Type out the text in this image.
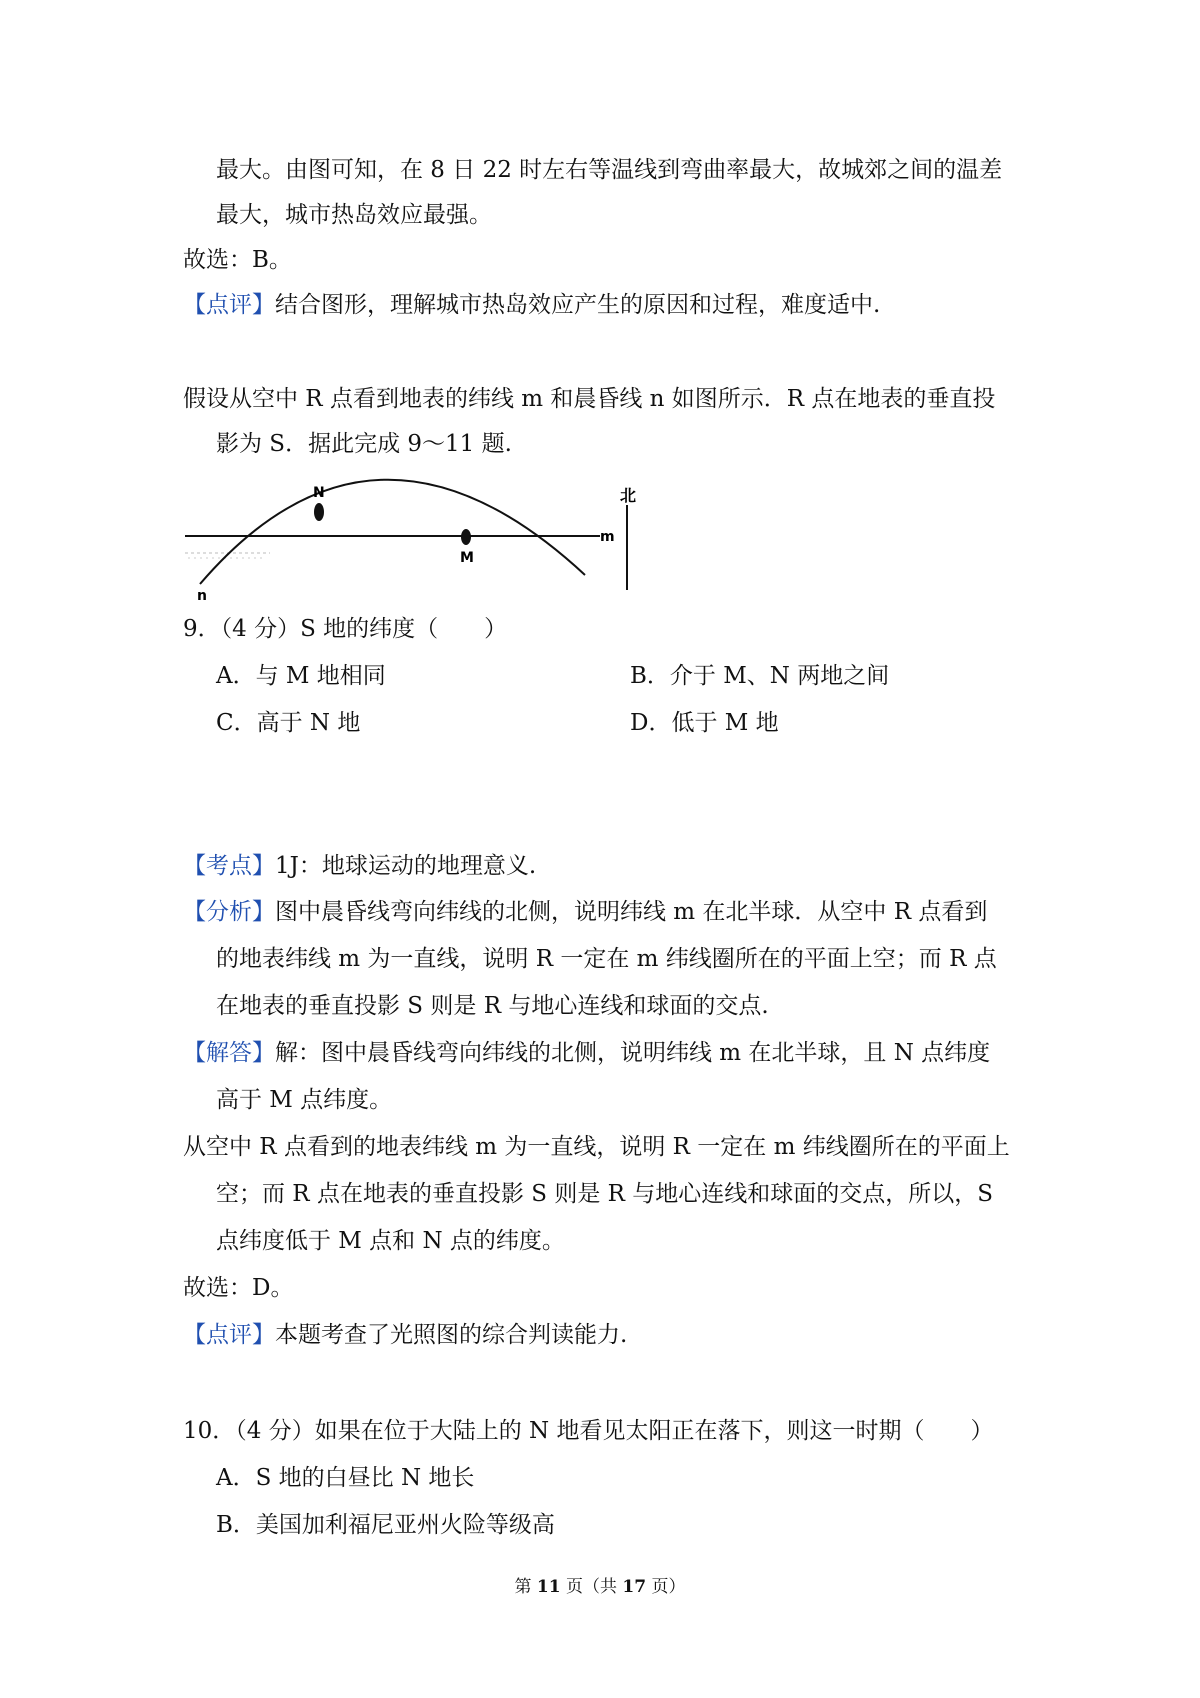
最大。由图可知，在 8 日 22 时左右等温线到弯曲率最大，故城郊之间的温差
最大，城市热岛效应最强。
故选：B。
【点评】结合图形，理解城市热岛效应产生的原因和过程，难度适中.
假设从空中 R 点看到地表的纬线 m 和晨昏线 n 如图所示．R 点在地表的垂直投
影为 S．据此完成 9～11 题.
N
M
m
n
北
9．（4 分）S 地的纬度（　　）
A．与 M 地相同	B．介于 M、N 两地之间
C．高于 N 地	D．低于 M 地
【考点】1J：地球运动的地理意义.
【分析】图中晨昏线弯向纬线的北侧，说明纬线 m 在北半球．从空中 R 点看到
的地表纬线 m 为一直线，说明 R 一定在 m 纬线圈所在的平面上空；而 R 点
在地表的垂直投影 S 则是 R 与地心连线和球面的交点.
【解答】解：图中晨昏线弯向纬线的北侧，说明纬线 m 在北半球，且 N 点纬度
高于 M 点纬度。
从空中 R 点看到的地表纬线 m 为一直线，说明 R 一定在 m 纬线圈所在的平面上
空；而 R 点在地表的垂直投影 S 则是 R 与地心连线和球面的交点，所以，S
点纬度低于 M 点和 N 点的纬度。
故选：D。
【点评】本题考查了光照图的综合判读能力.
10．（4 分）如果在位于大陆上的 N 地看见太阳正在落下，则这一时期（　　）
A．S 地的白昼比 N 地长
B．美国加利福尼亚州火险等级高
第 11 页（共 17 页）
